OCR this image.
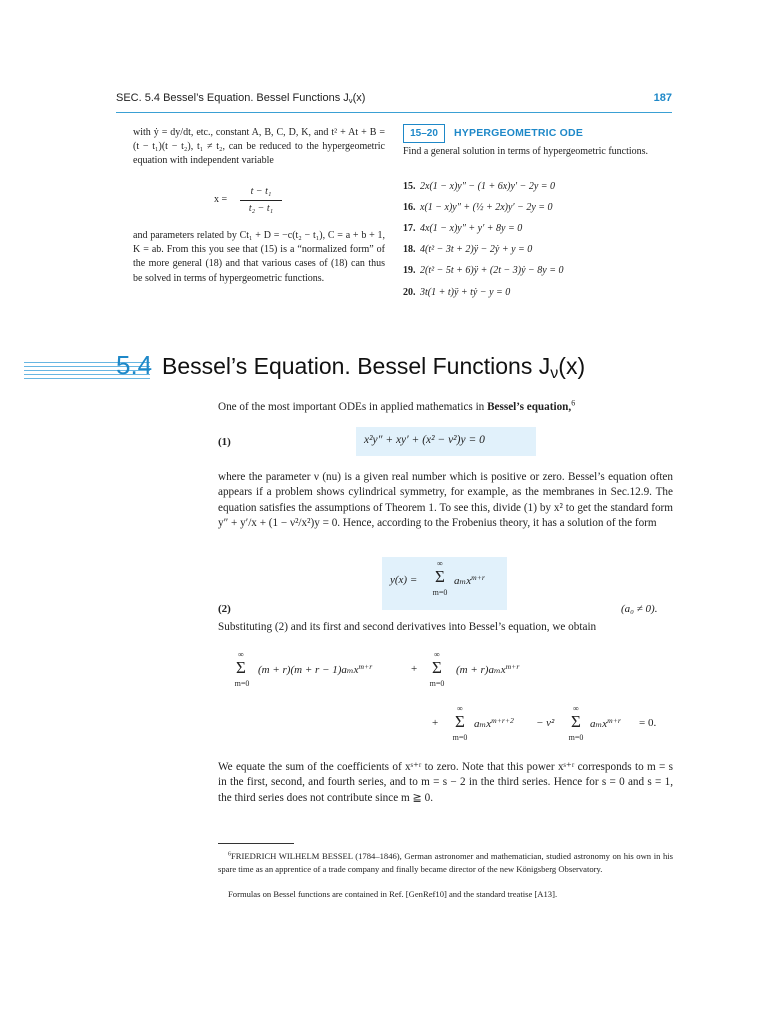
SEC. 5.4 Bessel’s Equation. Bessel Functions $J_\nu(x)$	187
with ẏ = dy/dt, etc., constant A, B, C, D, K, and t² + At + B = (t − t₁)(t − t₂), t₁ ≠ t₂, can be reduced to the hypergeometric equation with independent variable
x =
t − t₁
t₂ − t₁
and parameters related by Ct₁ + D = −c(t₂ − t₁), C = a + b + 1, K = ab. From this you see that (15) is a “normalized form” of the more general (18) and that various cases of (18) can thus be solved in terms of hypergeometric functions.
15–20	HYPERGEOMETRIC ODE
Find a general solution in terms of hypergeometric functions.
15. 2x(1 − x)y″ − (1 + 6x)y′ − 2y = 0
16. x(1 − x)y″ + (½ + 2x)y′ − 2y = 0
17. 4x(1 − x)y″ + y′ + 8y = 0
18. 4(t² − 3t + 2)ÿ − 2ẏ + y = 0
19. 2(t² − 5t + 6)ÿ + (2t − 3)ẏ − 8y = 0
20. 3t(1 + t)ÿ + tẏ − y = 0
5.4 Bessel’s Equation. Bessel Functions $J_\nu(x)$
One of the most important ODEs in applied mathematics in Bessel’s equation,$^6$
(1)	x²y″ + xy′ + (x² − ν²)y = 0
where the parameter ν (nu) is a given real number which is positive or zero. Bessel’s equation often appears if a problem shows cylindrical symmetry, for example, as the membranes in Sec.12.9. The equation satisfies the assumptions of Theorem 1. To see this, divide (1) by x² to get the standard form y″ + y′/x + (1 − ν²/x²)y = 0. Hence, according to the Frobenius theory, it has a solution of the form
(2)
y(x) =
∞
Σ
m=0
aₘx$^{m+r}$
(a₀ ≠ 0).
Substituting (2) and its first and second derivatives into Bessel’s equation, we obtain
∞
Σ
m=0
(m + r)(m + r − 1)aₘx$^{m+r}$	+
∞
Σ
m=0
(m + r)aₘx$^{m+r}$
+
∞
Σ
m=0
aₘx$^{m+r+2}$ − ν²
∞
Σ
m=0
aₘx$^{m+r}$ = 0.
We equate the sum of the coefficients of xˢ⁺ʳ to zero. Note that this power xˢ⁺ʳ corresponds to m = s in the first, second, and fourth series, and to m = s − 2 in the third series. Hence for s = 0 and s = 1, the third series does not contribute since m ≧ 0.
$^6$FRIEDRICH WILHELM BESSEL (1784–1846), German astronomer and mathematician, studied astronomy on his own in his spare time as an apprentice of a trade company and finally became director of the new Königsberg Observatory.
Formulas on Bessel functions are contained in Ref. [GenRef10] and the standard treatise [A13].
